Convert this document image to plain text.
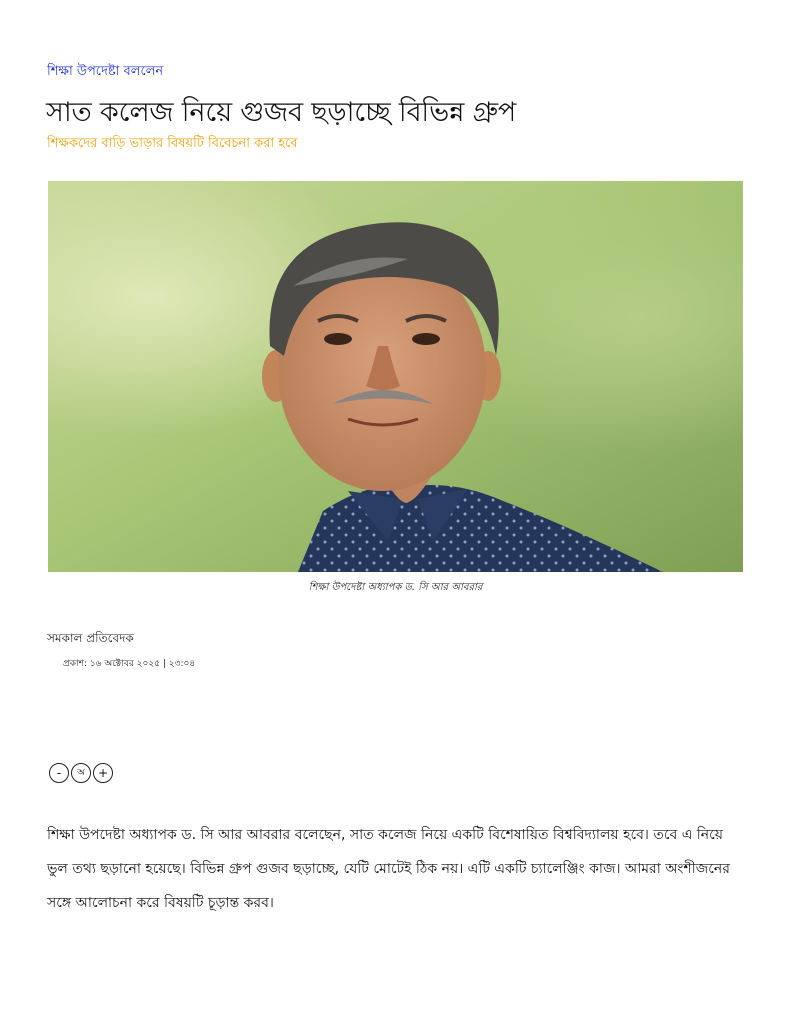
শিক্ষা উপদেষ্টা বললেন
সাত কলেজ নিয়ে গুজব ছড়াচ্ছে বিভিন্ন গ্রুপ
শিক্ষকদের বাড়ি ভাড়ার বিষয়টি বিবেচনা করা হবে
শিক্ষা উপদেষ্টা অধ্যাপক ড. সি আর আবরার
সমকাল প্রতিবেদক
প্রকাশ: ১৬ অক্টোবর ২০২৫ | ২৩:০৪
-	অ	+

শিক্ষা উপদেষ্টা অধ্যাপক ড. সি আর আবরার বলেছেন, সাত কলেজ নিয়ে একটি বিশেষায়িত বিশ্ববিদ্যালয় হবে। তবে এ নিয়ে ভুল তথ্য ছড়ানো হয়েছে। বিভিন্ন গ্রুপ গুজব ছড়াচ্ছে, যেটি মোটেই ঠিক নয়। এটি একটি চ্যালেঞ্জিং কাজ। আমরা অংশীজনের সঙ্গে আলোচনা করে বিষয়টি চূড়ান্ত করব।
